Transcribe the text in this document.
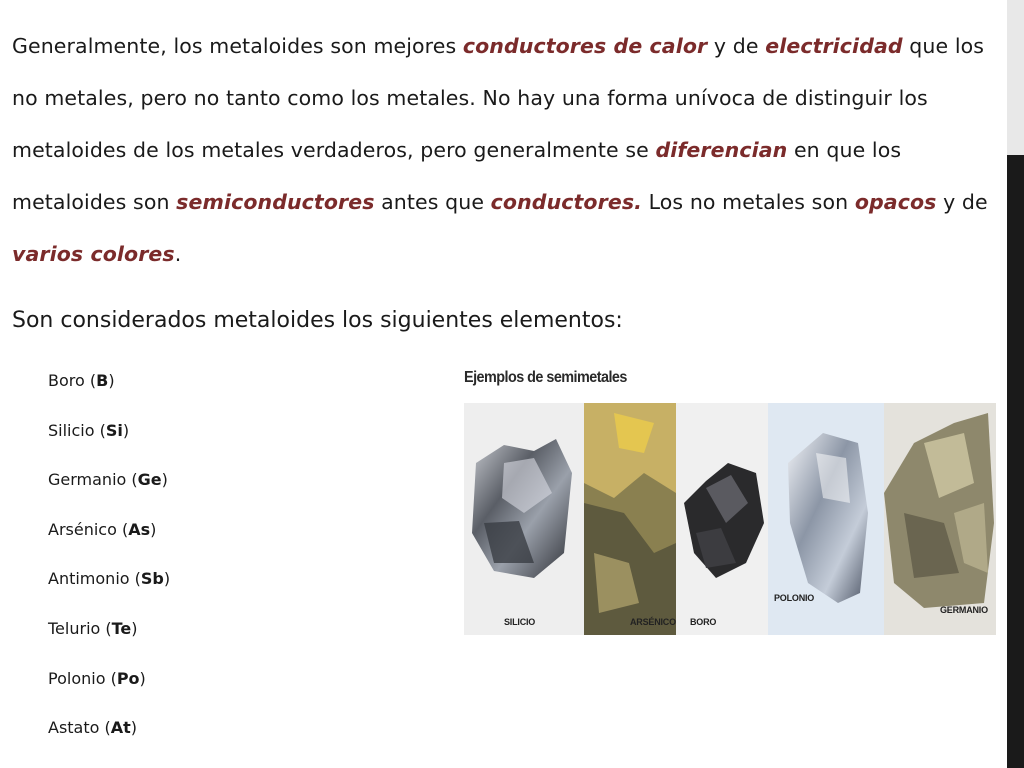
Generalmente, los metaloides son mejores conductores de calor y de electricidad que los no metales, pero no tanto como los metales. No hay una forma unívoca de distinguir los metaloides de los metales verdaderos, pero generalmente se diferencian en que los metaloides son semiconductores antes que conductores. Los no metales son opacos y de varios colores.
Son considerados metaloides los siguientes elementos:
Boro (B)
Silicio (Si)
Germanio (Ge)
Arsénico (As)
Antimonio (Sb)
Telurio (Te)
Polonio (Po)
Astato (At)
Ejemplos de semimetales
SILICIO	ARSÉNICO BORO
POLONIO
GERMANIO
